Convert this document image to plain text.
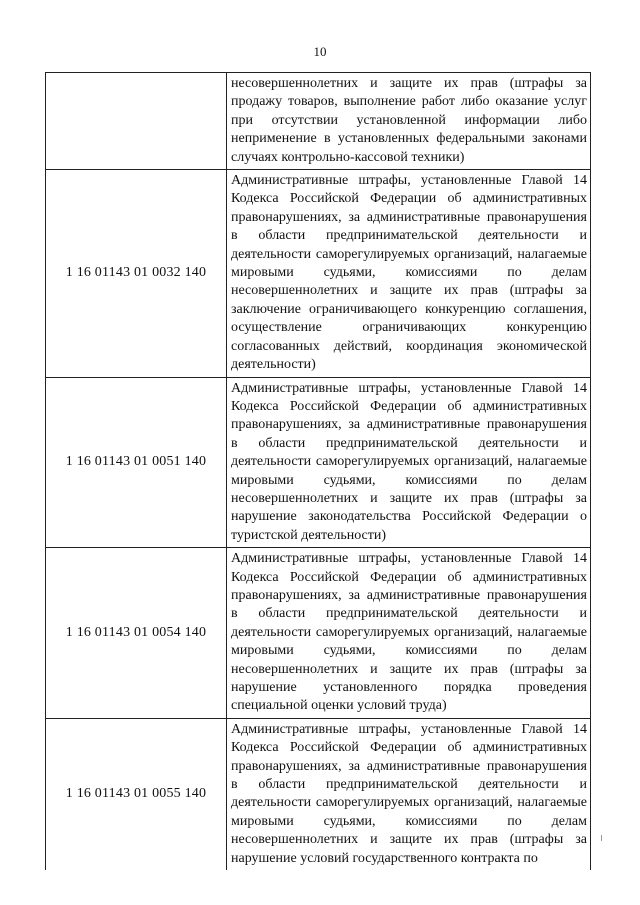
10

	несовершеннолетних и защите их прав (штрафы за продажу товаров, выполнение работ либо оказание услуг при отсутствии установленной информации либо неприменение в установленных федеральными законами случаях контрольно-кассовой техники)

1 16 01143 01 0032 140	Административные штрафы, установленные Главой 14 Кодекса Российской Федерации об административных правонарушениях, за административные правонарушения в области предпринимательской деятельности и деятельности саморегулируемых организаций, налагаемые мировыми судьями, комиссиями по делам несовершеннолетних и защите их прав (штрафы за заключение ограничивающего конкуренцию соглашения, осуществление ограничивающих конкуренцию согласованных действий, координация экономической деятельности)

1 16 01143 01 0051 140	Административные штрафы, установленные Главой 14 Кодекса Российской Федерации об административных правонарушениях, за административные правонарушения в области предпринимательской деятельности и деятельности саморегулируемых организаций, налагаемые мировыми судьями, комиссиями по делам несовершеннолетних и защите их прав (штрафы за нарушение законодательства Российской Федерации о туристской деятельности)

1 16 01143 01 0054 140	Административные штрафы, установленные Главой 14 Кодекса Российской Федерации об административных правонарушениях, за административные правонарушения в области предпринимательской деятельности и деятельности саморегулируемых организаций, налагаемые мировыми судьями, комиссиями по делам несовершеннолетних и защите их прав (штрафы за нарушение установленного порядка проведения специальной оценки условий труда)

1 16 01143 01 0055 140	Административные штрафы, установленные Главой 14 Кодекса Российской Федерации об административных правонарушениях, за административные правонарушения в области предпринимательской деятельности и деятельности саморегулируемых организаций, налагаемые мировыми судьями, комиссиями по делам несовершеннолетних и защите их прав (штрафы за нарушение условий государственного контракта по
